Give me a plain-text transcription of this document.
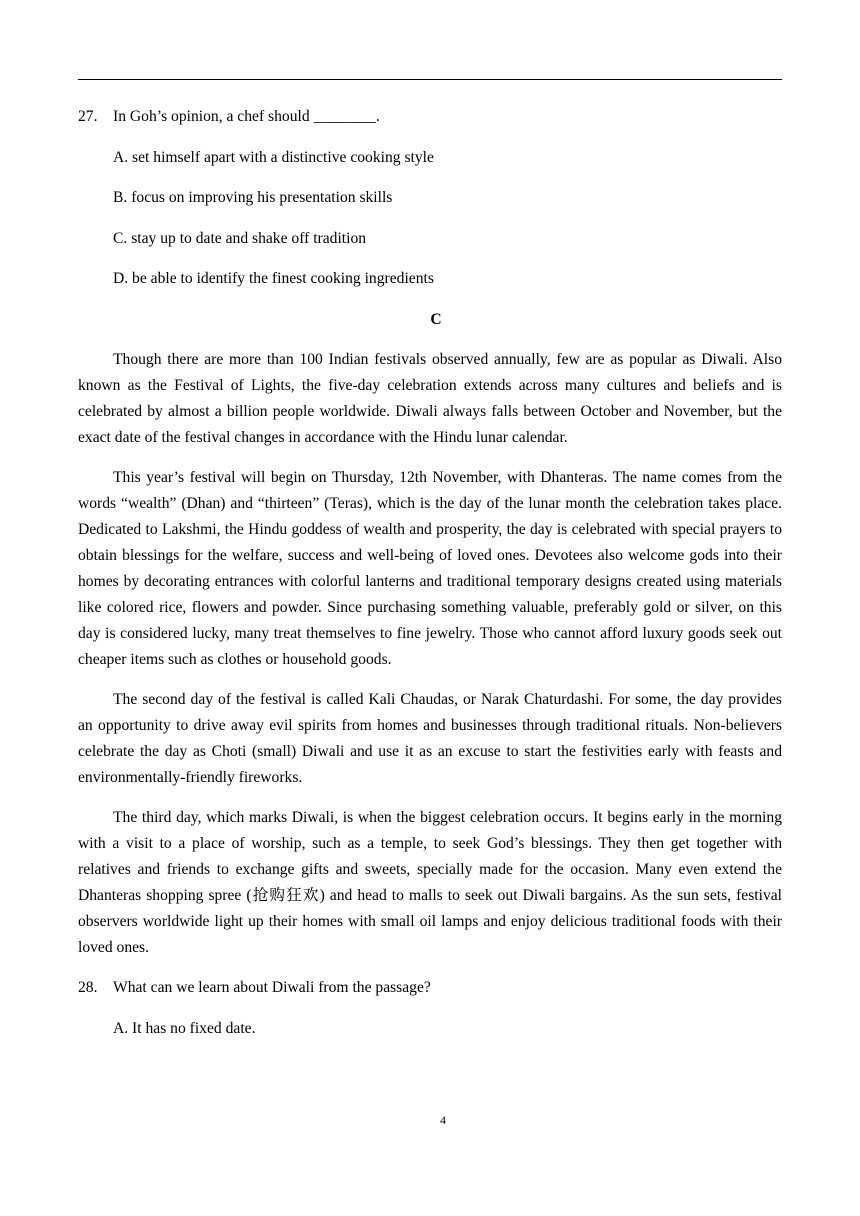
27. In Goh’s opinion, a chef should ________.
A. set himself apart with a distinctive cooking style
B. focus on improving his presentation skills
C. stay up to date and shake off tradition
D. be able to identify the finest cooking ingredients
C

Though there are more than 100 Indian festivals observed annually, few are as popular as Diwali. Also known as the Festival of Lights, the five-day celebration extends across many cultures and beliefs and is celebrated by almost a billion people worldwide. Diwali always falls between October and November, but the exact date of the festival changes in accordance with the Hindu lunar calendar.

This year’s festival will begin on Thursday, 12th November, with Dhanteras. The name comes from the words “wealth” (Dhan) and “thirteen” (Teras), which is the day of the lunar month the celebration takes place. Dedicated to Lakshmi, the Hindu goddess of wealth and prosperity, the day is celebrated with special prayers to obtain blessings for the welfare, success and well-being of loved ones. Devotees also welcome gods into their homes by decorating entrances with colorful lanterns and traditional temporary designs created using materials like colored rice, flowers and powder. Since purchasing something valuable, preferably gold or silver, on this day is considered lucky, many treat themselves to fine jewelry. Those who cannot afford luxury goods seek out cheaper items such as clothes or household goods.

The second day of the festival is called Kali Chaudas, or Narak Chaturdashi. For some, the day provides an opportunity to drive away evil spirits from homes and businesses through traditional rituals. Non-believers celebrate the day as Choti (small) Diwali and use it as an excuse to start the festivities early with feasts and environmentally-friendly fireworks.

The third day, which marks Diwali, is when the biggest celebration occurs. It begins early in the morning with a visit to a place of worship, such as a temple, to seek God’s blessings. They then get together with relatives and friends to exchange gifts and sweets, specially made for the occasion. Many even extend the Dhanteras shopping spree (抢购狂欢) and head to malls to seek out Diwali bargains. As the sun sets, festival observers worldwide light up their homes with small oil lamps and enjoy delicious traditional foods with their loved ones.

28. What can we learn about Diwali from the passage?
A. It has no fixed date.
4
